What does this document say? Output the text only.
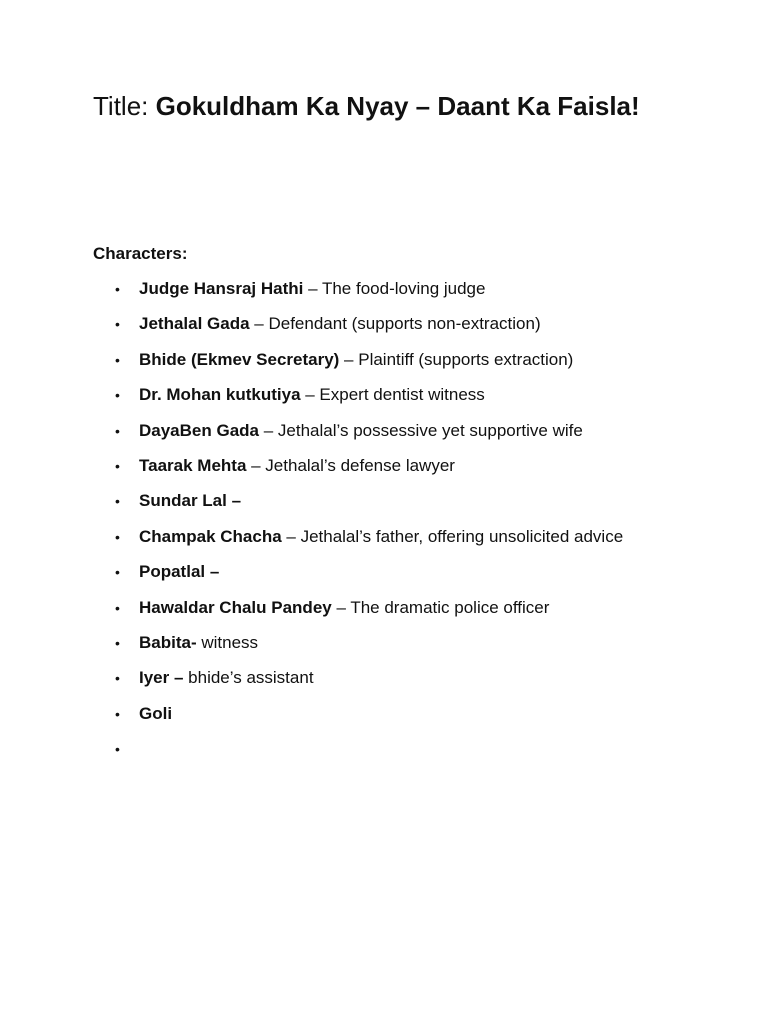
Title: Gokuldham Ka Nyay – Daant Ka Faisla!
Characters:
• Judge Hansraj Hathi – The food-loving judge
• Jethalal Gada – Defendant (supports non-extraction)
• Bhide (Ekmev Secretary) – Plaintiff (supports extraction)
• Dr. Mohan kutkutiya – Expert dentist witness
• DayaBen Gada – Jethalal’s possessive yet supportive wife
• Taarak Mehta – Jethalal’s defense lawyer
• Sundar Lal –
• Champak Chacha – Jethalal’s father, offering unsolicited advice
• Popatlal –
• Hawaldar Chalu Pandey – The dramatic police officer
• Babita- witness
• Iyer – bhide’s assistant
• Goli
•
